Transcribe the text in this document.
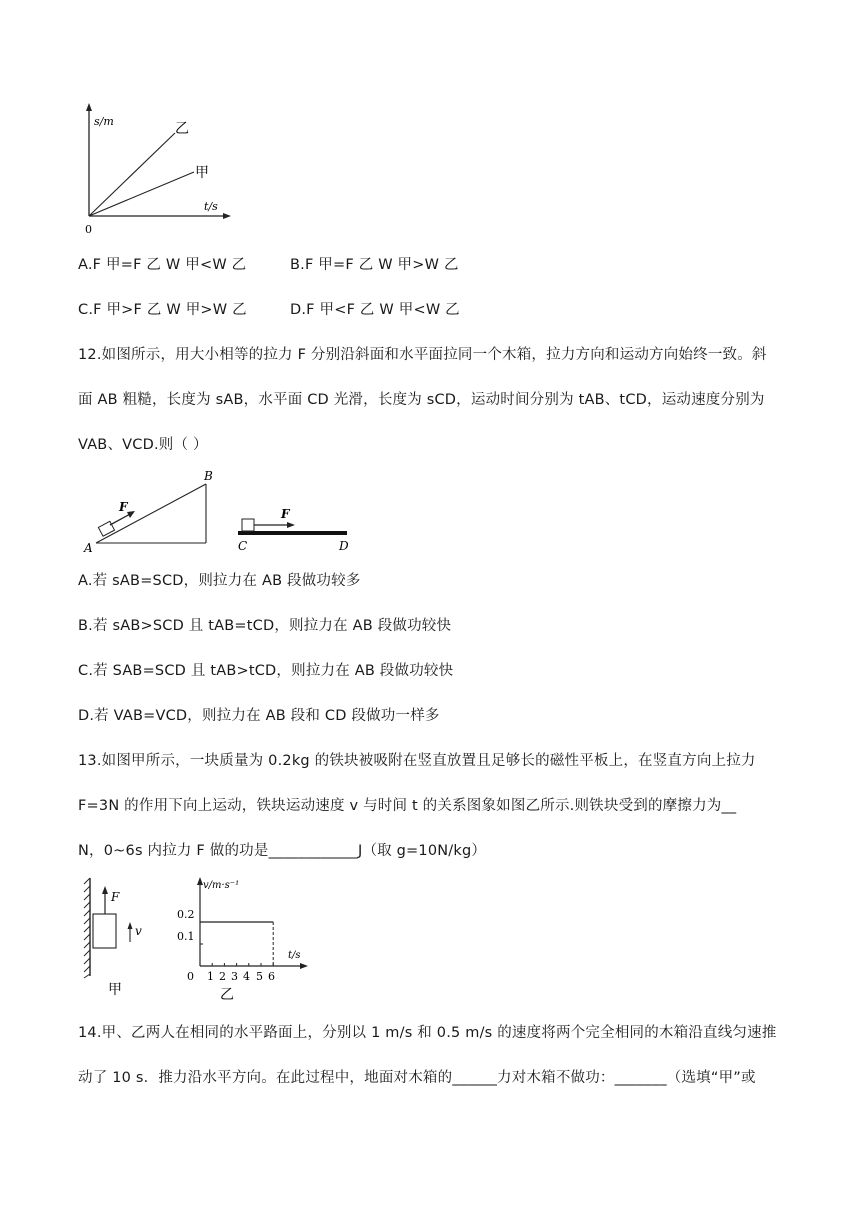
s/m
t/s
0
乙
甲
A.F 甲=F 乙 W 甲<W 乙	B.F 甲=F 乙 W 甲>W 乙
C.F 甲>F 乙 W 甲>W 乙	D.F 甲<F 乙 W 甲<W 乙
12.如图所示，用大小相等的拉力 F 分别沿斜面和水平面拉同一个木箱，拉力方向和运动方向始终一致。斜
面 AB 粗糙，长度为 sAB，水平面 CD 光滑，长度为 sCD，运动时间分别为 tAB、tCD，运动速度分别为
VAB、VCD.则（ ）
A
B
F	F
C	D
A.若 sAB=SCD，则拉力在 AB 段做功较多
B.若 sAB>SCD 且 tAB=tCD，则拉力在 AB 段做功较快
C.若 SAB=SCD 且 tAB>tCD，则拉力在 AB 段做功较快
D.若 VAB=VCD，则拉力在 AB 段和 CD 段做功一样多
13.如图甲所示，一块质量为 0.2kg 的铁块被吸附在竖直放置且足够长的磁性平板上，在竖直方向上拉力
F=3N 的作用下向上运动，铁块运动速度 v 与时间 t 的关系图象如图乙所示.则铁块受到的摩擦力为__
N，0~6s 内拉力 F 做的功是____________J（取 g=10N/kg）
F
v
甲
v/m·s⁻¹
t/s
0.2
0.1
0 1 2 3 4 5 6
乙
14.甲、乙两人在相同的水平路面上，分别以 1 m/s 和 0.5 m/s 的速度将两个完全相同的木箱沿直线匀速推
动了 10 s．推力沿水平方向。在此过程中，地面对木箱的______力对木箱不做功：_______（选填“甲”或
